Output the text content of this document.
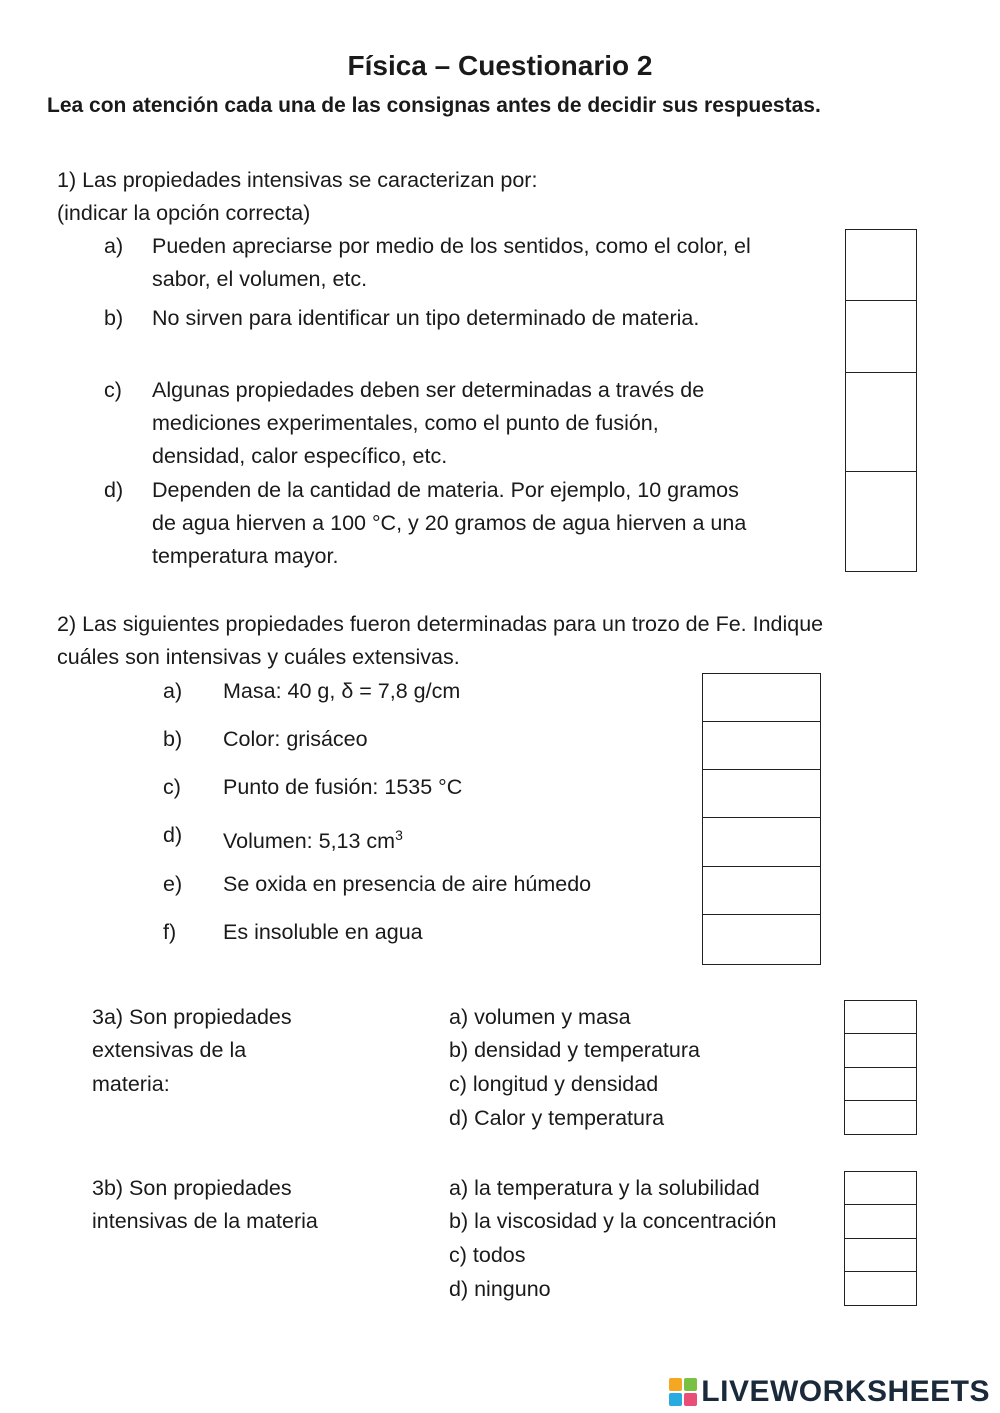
Física – Cuestionario 2
Lea con atención cada una de las consignas antes de decidir sus respuestas.
1) Las propiedades intensivas se caracterizan por:
(indicar la opción correcta)
a) Pueden apreciarse por medio de los sentidos, como el color, el
sabor, el volumen, etc.
b) No sirven para identificar un tipo determinado de materia.
c) Algunas propiedades deben ser determinadas a través de
mediciones experimentales, como el punto de fusión,
densidad, calor específico, etc.
d) Dependen de la cantidad de materia. Por ejemplo, 10 gramos
de agua hierven a 100 °C, y 20 gramos de agua hierven a una
temperatura mayor.
2) Las siguientes propiedades fueron determinadas para un trozo de Fe. Indique
cuáles son intensivas y cuáles extensivas.
a) Masa: 40 g, δ = 7,8 g/cm
b) Color: grisáceo
c) Punto de fusión: 1535 °C
d) Volumen: 5,13 $cm^3$
e) Se oxida en presencia de aire húmedo
f) Es insoluble en agua
3a) Son propiedades
extensivas de la
materia:
a) volumen y masa
b) densidad y temperatura
c) longitud y densidad
d) Calor y temperatura
3b) Son propiedades
intensivas de la materia
a) la temperatura y la solubilidad
b) la viscosidad y la concentración
c) todos
d) ninguno
LIVEWORKSHEETS
